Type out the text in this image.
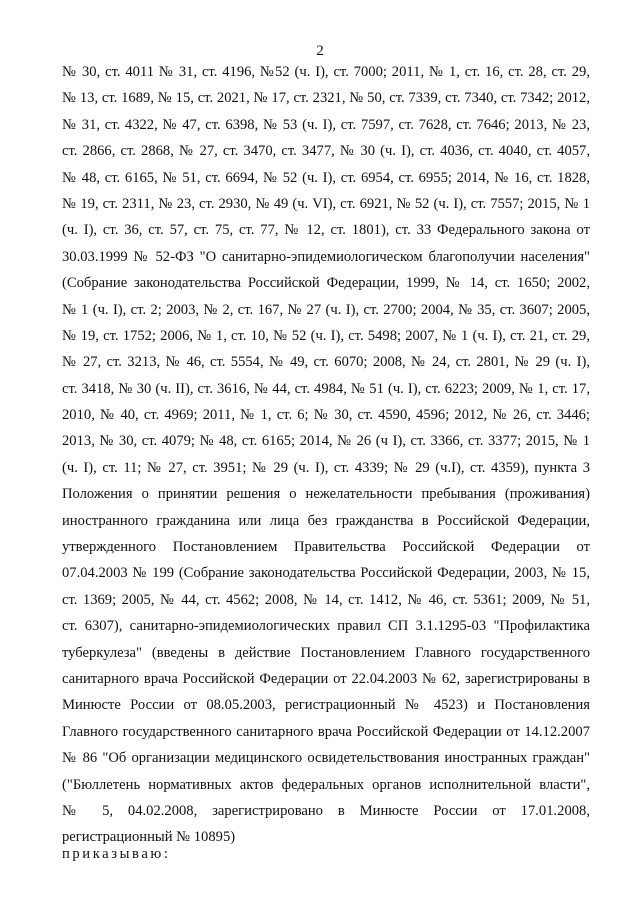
2
№ 30, ст. 4011 № 31, ст. 4196, №52 (ч. I), ст. 7000; 2011, № 1, ст. 16, ст. 28, ст. 29,
№ 13, ст. 1689, № 15, ст. 2021, № 17, ст. 2321, № 50, ст. 7339, ст. 7340, ст. 7342; 2012,
№ 31, ст. 4322, № 47, ст. 6398, № 53 (ч. I), ст. 7597, ст. 7628, ст. 7646; 2013, № 23,
ст. 2866, ст. 2868, № 27, ст. 3470, ст. 3477, № 30 (ч. I), ст. 4036, ст. 4040, ст. 4057,
№ 48, ст. 6165, № 51, ст. 6694, № 52 (ч. I), ст. 6954, ст. 6955; 2014, № 16, ст. 1828,
№ 19, ст. 2311, № 23, ст. 2930, № 49 (ч. VI), ст. 6921, № 52 (ч. I), ст. 7557; 2015, № 1
(ч. I), ст. 36, ст. 57, ст. 75, ст. 77, № 12, ст. 1801), ст. 33 Федерального закона от
30.03.1999 № 52-ФЗ "О санитарно-эпидемиологическом благополучии населения"
(Собрание законодательства Российской Федерации, 1999, № 14, ст. 1650; 2002,
№ 1 (ч. I), ст. 2; 2003, № 2, ст. 167, № 27 (ч. I), ст. 2700; 2004, № 35, ст. 3607; 2005,
№ 19, ст. 1752; 2006, № 1, ст. 10, № 52 (ч. I), ст. 5498; 2007, № 1 (ч. I), ст. 21, ст. 29,
№ 27, ст. 3213, № 46, ст. 5554, № 49, ст. 6070; 2008, № 24, ст. 2801, № 29 (ч. I),
ст. 3418, № 30 (ч. II), ст. 3616, № 44, ст. 4984, № 51 (ч. I), ст. 6223; 2009, № 1, ст. 17,
2010, № 40, ст. 4969; 2011, № 1, ст. 6; № 30, ст. 4590, 4596; 2012, № 26, ст. 3446;
2013, № 30, ст. 4079; № 48, ст. 6165; 2014, № 26 (ч I), ст. 3366, ст. 3377; 2015, № 1
(ч. I), ст. 11; № 27, ст. 3951; № 29 (ч. I), ст. 4339; № 29 (ч.I), ст. 4359), пункта 3
Положения о принятии решения о нежелательности пребывания (проживания)
иностранного гражданина или лица без гражданства в Российской Федерации,
утвержденного Постановлением Правительства Российской Федерации от
07.04.2003 № 199 (Собрание законодательства Российской Федерации, 2003, № 15,
ст. 1369; 2005, № 44, ст. 4562; 2008, № 14, ст. 1412, № 46, ст. 5361; 2009, № 51,
ст. 6307), санитарно-эпидемиологических правил СП 3.1.1295-03 "Профилактика
туберкулеза" (введены в действие Постановлением Главного государственного
санитарного врача Российской Федерации от 22.04.2003 № 62, зарегистрированы в
Минюсте России от 08.05.2003, регистрационный № 4523) и Постановления
Главного государственного санитарного врача Российской Федерации от 14.12.2007
№ 86 "Об организации медицинского освидетельствования иностранных граждан"
("Бюллетень нормативных актов федеральных органов исполнительной власти",
№ 5, 04.02.2008, зарегистрировано в Минюсте России от 17.01.2008,
регистрационный № 10895)
приказываю:
